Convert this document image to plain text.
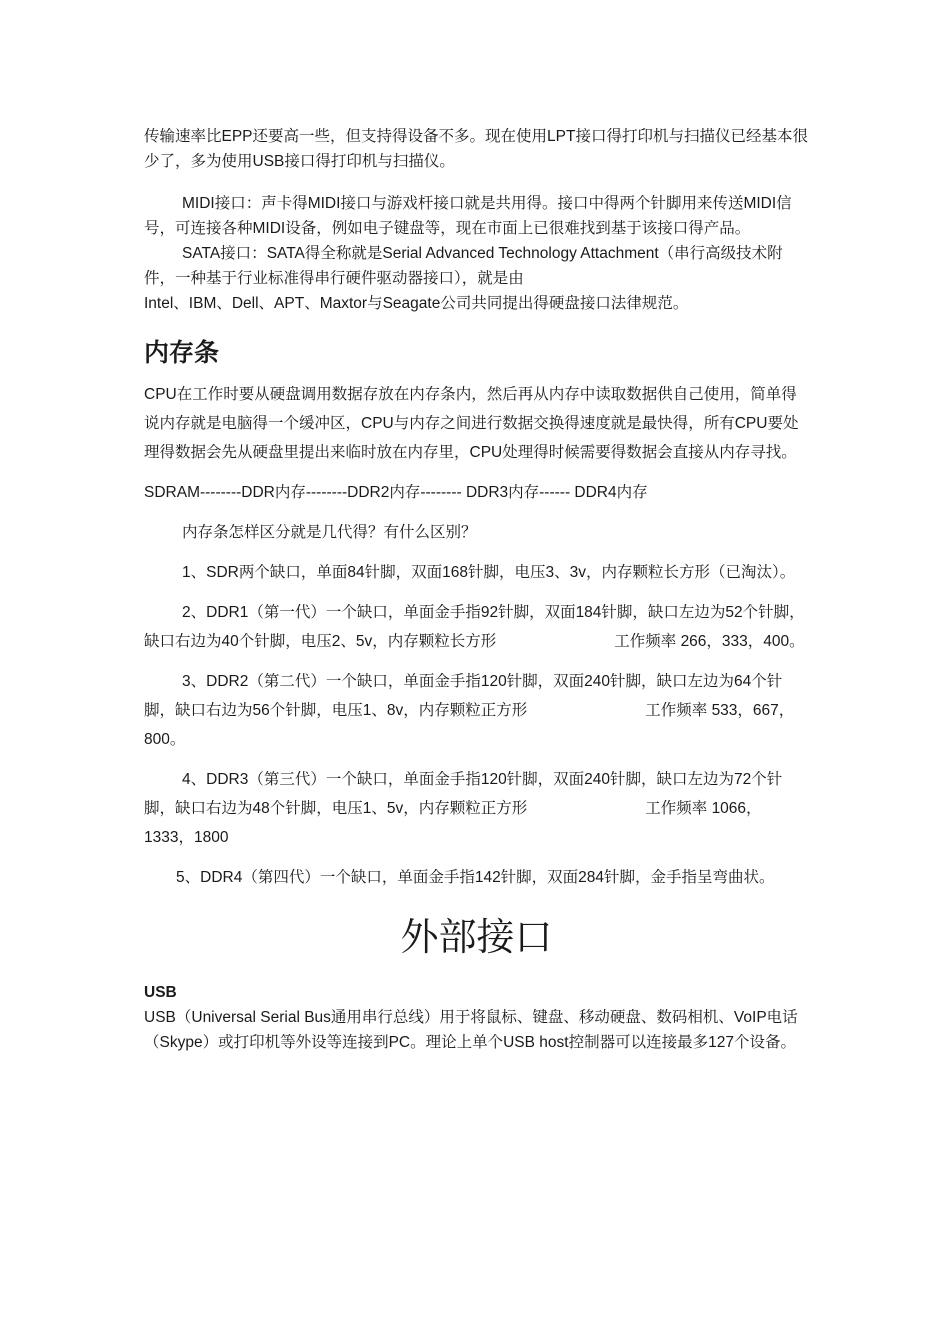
传输速率比EPP还要高一些，但支持得设备不多。现在使用LPT接口得打印机与扫描仪已经基本很少了，多为使用USB接口得打印机与扫描仪。

MIDI接口：声卡得MIDI接口与游戏杆接口就是共用得。接口中得两个针脚用来传送MIDI信号，可连接各种MIDI设备，例如电子键盘等，现在市面上已很难找到基于该接口得产品。

SATA接口：SATA得全称就是Serial Advanced Technology Attachment（串行高级技术附件，一种基于行业标准得串行硬件驱动器接口），就是由

Intel、IBM、Dell、APT、Maxtor与Seagate公司共同提出得硬盘接口法律规范。

内存条

CPU在工作时要从硬盘调用数据存放在内存条内，然后再从内存中读取数据供自己使用，简单得说内存就是电脑得一个缓冲区，CPU与内存之间进行数据交换得速度就是最快得，所有CPU要处理得数据会先从硬盘里提出来临时放在内存里，CPU处理得时候需要得数据会直接从内存寻找。

SDRAM--------DDR内存--------DDR2内存-------- DDR3内存------ DDR4内存

内存条怎样区分就是几代得？有什么区别？

1、SDR两个缺口，单面84针脚，双面168针脚，电压3、3v，内存颗粒长方形（已淘汰）。

2、DDR1（第一代）一个缺口，单面金手指92针脚，双面184针脚，缺口左边为52个针脚，缺口右边为40个针脚，电压2、5v，内存颗粒长方形	工作频率 266，333，400。

3、DDR2（第二代）一个缺口，单面金手指120针脚，双面240针脚，缺口左边为64个针脚，缺口右边为56个针脚，电压1、8v，内存颗粒正方形	工作频率 533，667，800。

4、DDR3（第三代）一个缺口，单面金手指120针脚，双面240针脚，缺口左边为72个针脚，缺口右边为48个针脚，电压1、5v，内存颗粒正方形	工作频率 1066，1333，1800

5、DDR4（第四代）一个缺口，单面金手指142针脚，双面284针脚，金手指呈弯曲状。

外部接口
USB

USB（Universal Serial Bus通用串行总线）用于将鼠标、键盘、移动硬盘、数码相机、VoIP电话（Skype）或打印机等外设等连接到PC。理论上单个USB host控制器可以连接最多127个设备。
